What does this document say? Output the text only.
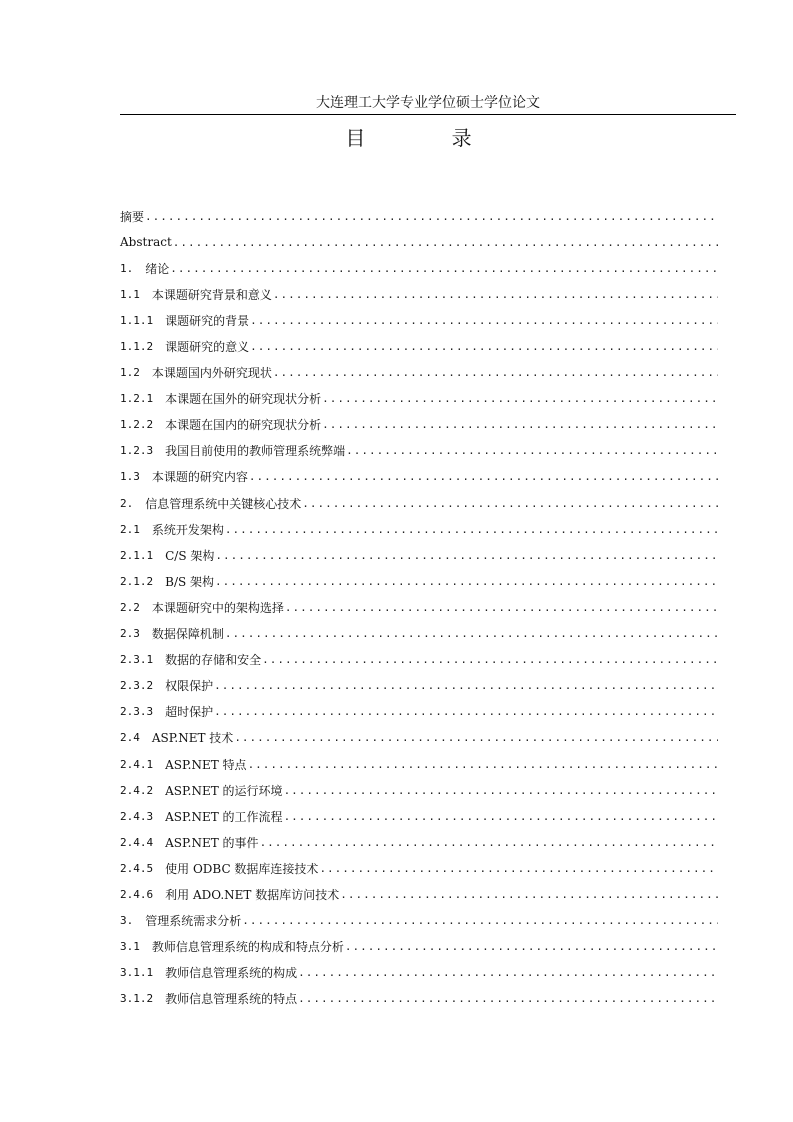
大连理工大学专业学位硕士学位论文
目 录
摘要
.....
Abstract
.....
1. 绪论
.....
1.1 本课题研究背景和意义
.....
1.1.1 课题研究的背景
.....
1.1.2 课题研究的意义
.....
1.2 本课题国内外研究现状
.....
1.2.1 本课题在国外的研究现状分析
.....
1.2.2 本课题在国内的研究现状分析
.....
1.2.3 我国目前使用的教师管理系统弊端
.....
1.3 本课题的研究内容
.....
2. 信息管理系统中关键核心技术
.....
2.1 系统开发架构
.....
2.1.1 C/S 架构
.....
2.1.2 B/S 架构
.....
2.2 本课题研究中的架构选择
.....
2.3 数据保障机制
.....
2.3.1 数据的存储和安全
.....
2.3.2 权限保护
.....
2.3.3 超时保护
.....
2.4 ASP.NET 技术
.....
2.4.1 ASP.NET 特点
.....
2.4.2 ASP.NET 的运行环境
.....
2.4.3 ASP.NET 的工作流程
.....
2.4.4 ASP.NET 的事件
.....
2.4.5 使用 ODBC 数据库连接技术
.....
2.4.6 利用 ADO.NET 数据库访问技术
.....
3. 管理系统需求分析
.....
3.1 教师信息管理系统的构成和特点分析
.....
3.1.1 教师信息管理系统的构成
.....
3.1.2 教师信息管理系统的特点
.....
